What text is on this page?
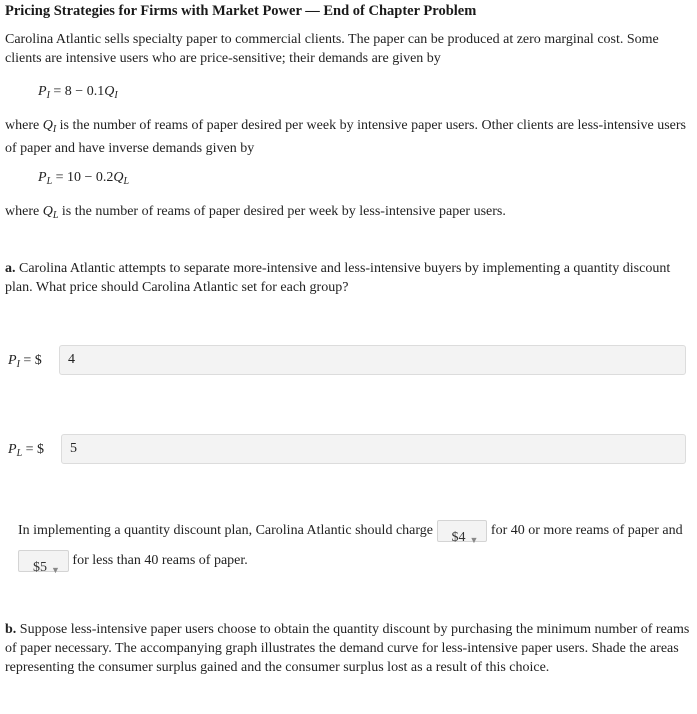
Pricing Strategies for Firms with Market Power — End of Chapter Problem
Carolina Atlantic sells specialty paper to commercial clients. The paper can be produced at zero marginal cost. Some clients are intensive users who are price-sensitive; their demands are given by
$P_I = 8 - 0.1Q_I$
where $Q_I$ is the number of reams of paper desired per week by intensive paper users. Other clients are less-intensive users of paper and have inverse demands given by
$P_L = 10 - 0.2Q_L$
where $Q_L$ is the number of reams of paper desired per week by less-intensive paper users.
a. Carolina Atlantic attempts to separate more-intensive and less-intensive buyers by implementing a quantity discount plan. What price should Carolina Atlantic set for each group?
$P_I$ = $	4
$P_L$ = $	5
In implementing a quantity discount plan, Carolina Atlantic should charge $4 ▼ for 40 or more reams of paper and
$5 ▼ for less than 40 reams of paper.
b. Suppose less-intensive paper users choose to obtain the quantity discount by purchasing the minimum number of reams of paper necessary. The accompanying graph illustrates the demand curve for less-intensive paper users. Shade the areas representing the consumer surplus gained and the consumer surplus lost as a result of this choice.
